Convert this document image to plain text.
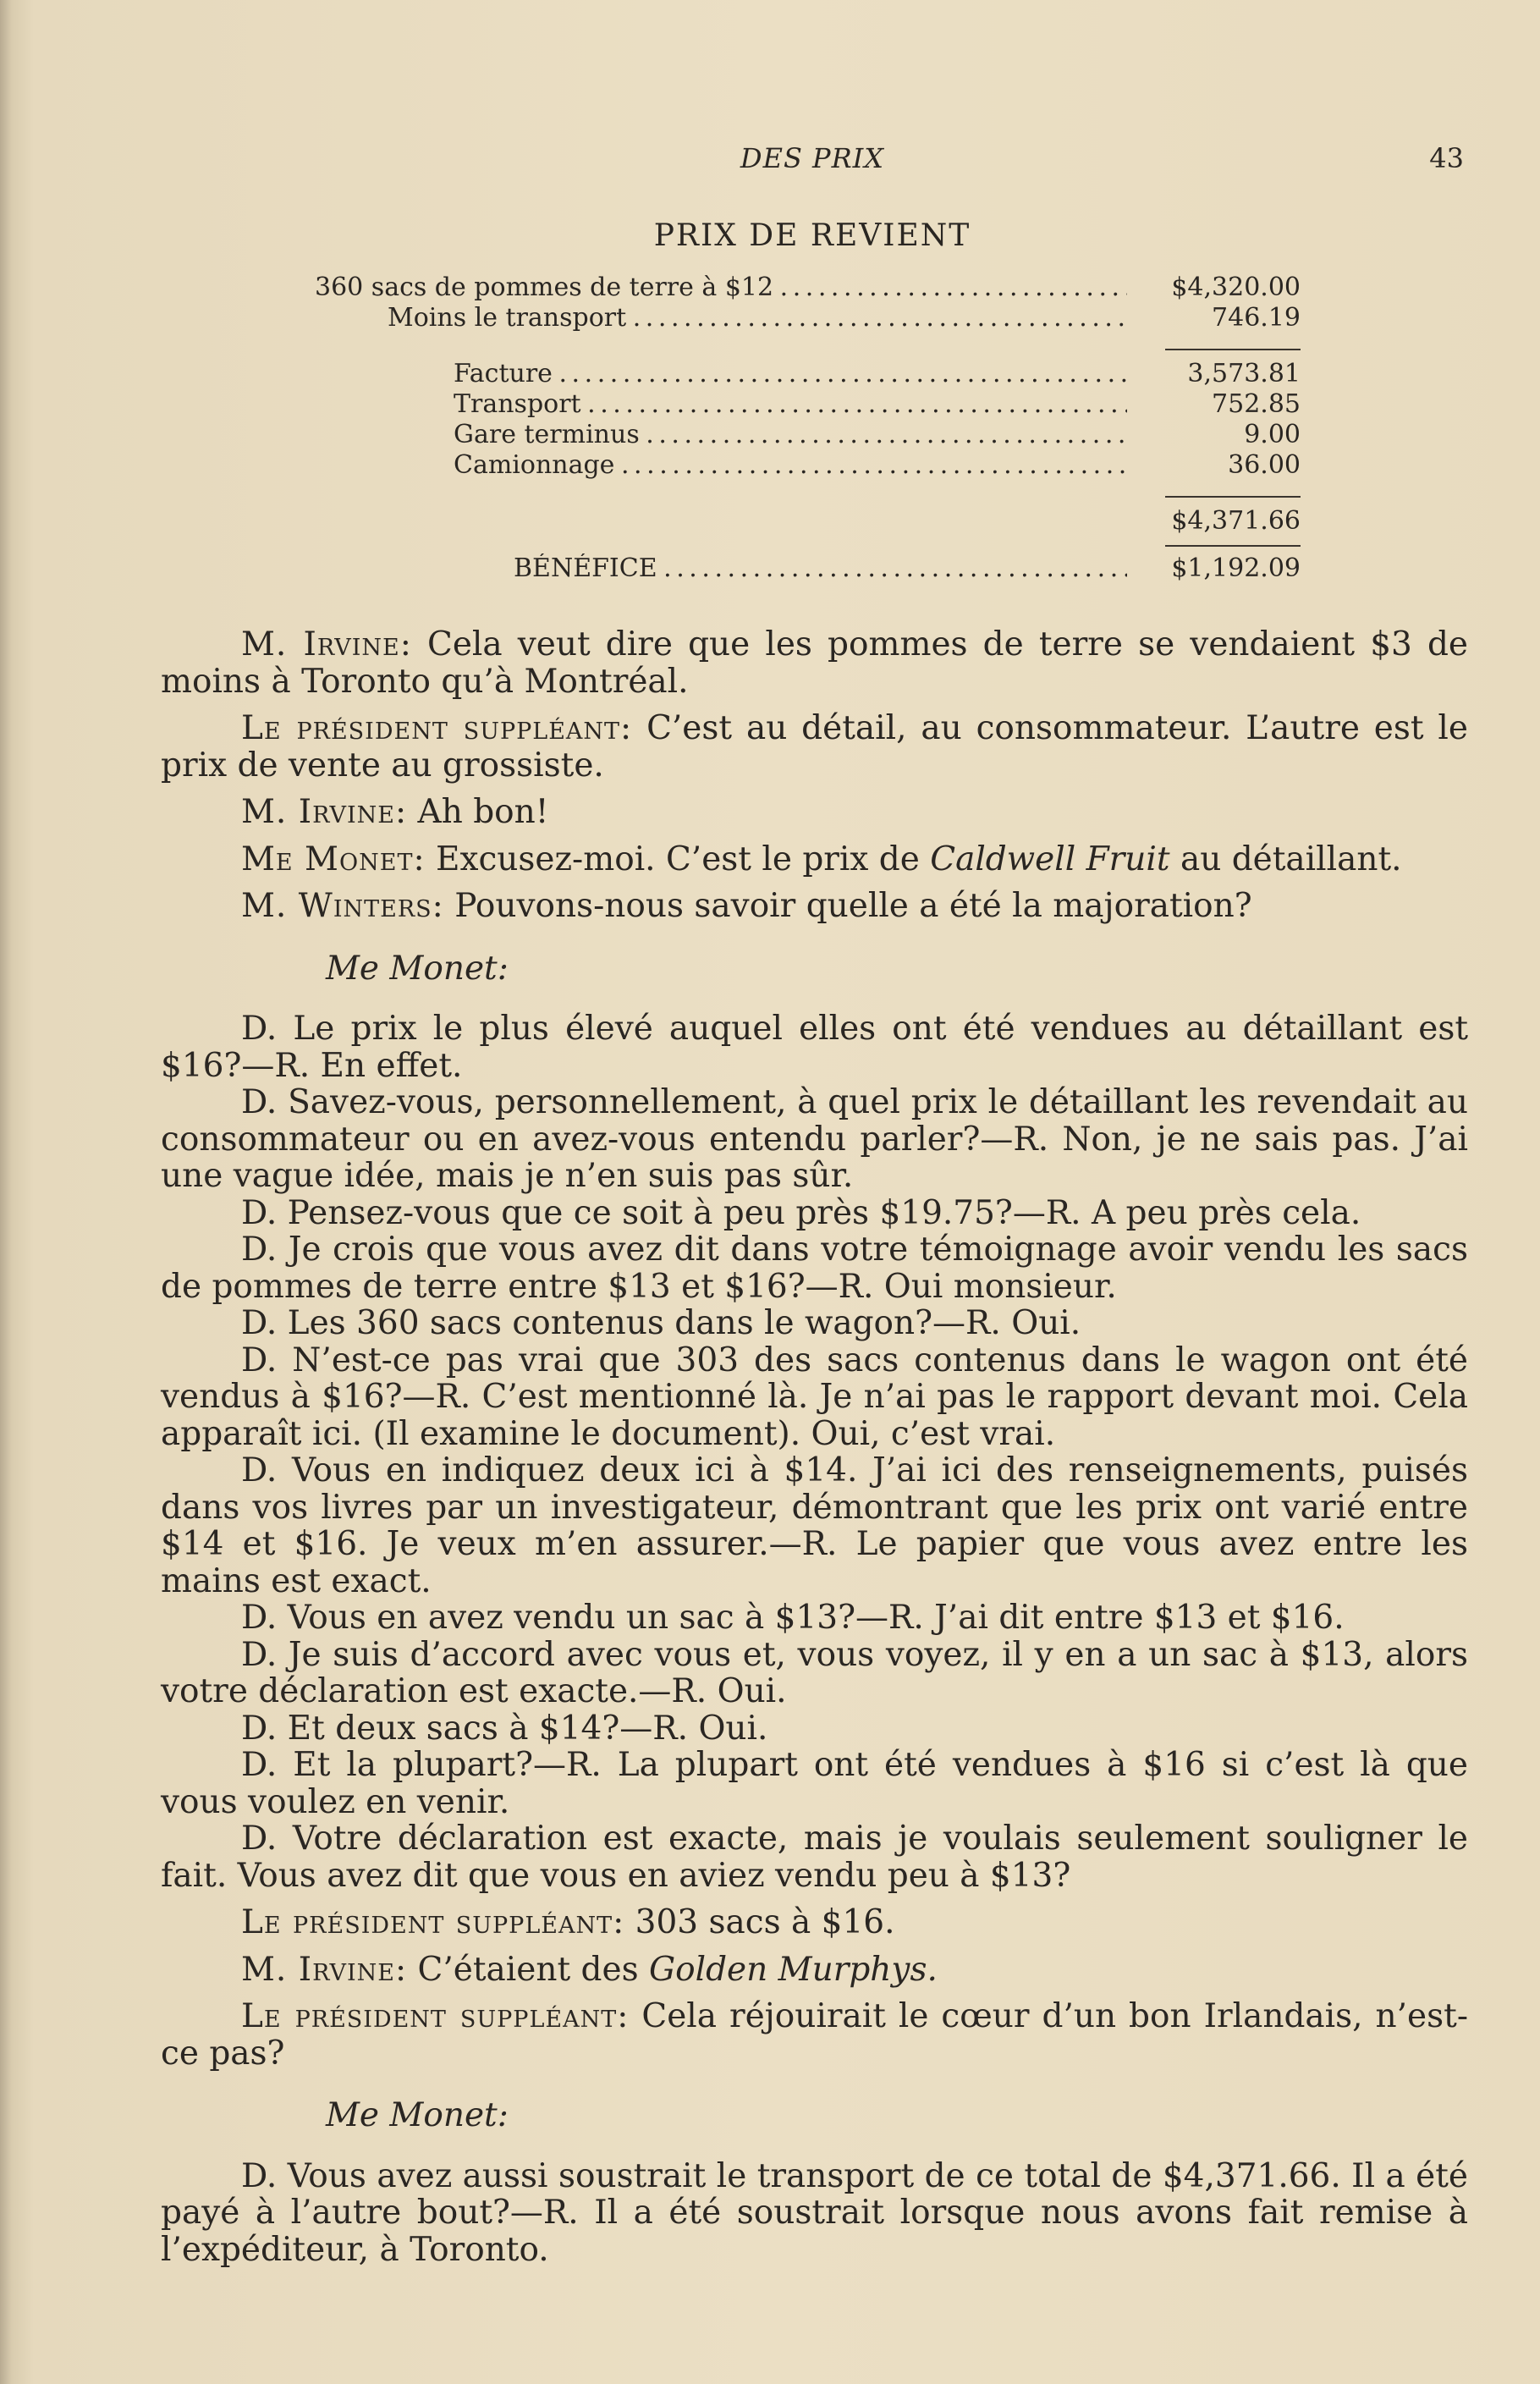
DES PRIX	43
PRIX DE REVIENT
360 sacs de pommes de terre à $12 . . .	$4,320.00
Moins le transport . . .	746.19
Facture . . .	3,573.81
Transport . . .	752.85
Gare terminus . . .	9.00
Camionnage . . .	36.00
$4,371.66
BÉNÉFICE . . .	$1,192.09

M. Irvine: Cela veut dire que les pommes de terre se vendaient $3 de moins à Toronto qu’à Montréal.

Le président suppléant: C’est au détail, au consommateur. L’autre est le prix de vente au grossiste.

M. Irvine: Ah bon!

Me Monet: Excusez-moi. C’est le prix de Caldwell Fruit au détaillant.

M. Winters: Pouvons-nous savoir quelle a été la majoration?

Me Monet:

D. Le prix le plus élevé auquel elles ont été vendues au détaillant est $16?—R. En effet.

D. Savez-vous, personnellement, à quel prix le détaillant les revendait au consommateur ou en avez-vous entendu parler?—R. Non, je ne sais pas. J’ai une vague idée, mais je n’en suis pas sûr.

D. Pensez-vous que ce soit à peu près $19.75?—R. A peu près cela.

D. Je crois que vous avez dit dans votre témoignage avoir vendu les sacs de pommes de terre entre $13 et $16?—R. Oui monsieur.

D. Les 360 sacs contenus dans le wagon?—R. Oui.

D. N’est-ce pas vrai que 303 des sacs contenus dans le wagon ont été vendus à $16?—R. C’est mentionné là. Je n’ai pas le rapport devant moi. Cela apparaît ici. (Il examine le document). Oui, c’est vrai.

D. Vous en indiquez deux ici à $14. J’ai ici des renseignements, puisés dans vos livres par un investigateur, démontrant que les prix ont varié entre $14 et $16. Je veux m’en assurer.—R. Le papier que vous avez entre les mains est exact.

D. Vous en avez vendu un sac à $13?—R. J’ai dit entre $13 et $16.

D. Je suis d’accord avec vous et, vous voyez, il y en a un sac à $13, alors votre déclaration est exacte.—R. Oui.

D. Et deux sacs à $14?—R. Oui.

D. Et la plupart?—R. La plupart ont été vendues à $16 si c’est là que vous voulez en venir.

D. Votre déclaration est exacte, mais je voulais seulement souligner le fait. Vous avez dit que vous en aviez vendu peu à $13?

Le président suppléant: 303 sacs à $16.

M. Irvine: C’étaient des Golden Murphys.

Le président suppléant: Cela réjouirait le cœur d’un bon Irlandais, n’est-ce pas?

Me Monet:

D. Vous avez aussi soustrait le transport de ce total de $4,371.66. Il a été payé à l’autre bout?—R. Il a été soustrait lorsque nous avons fait remise à l’expéditeur, à Toronto.
